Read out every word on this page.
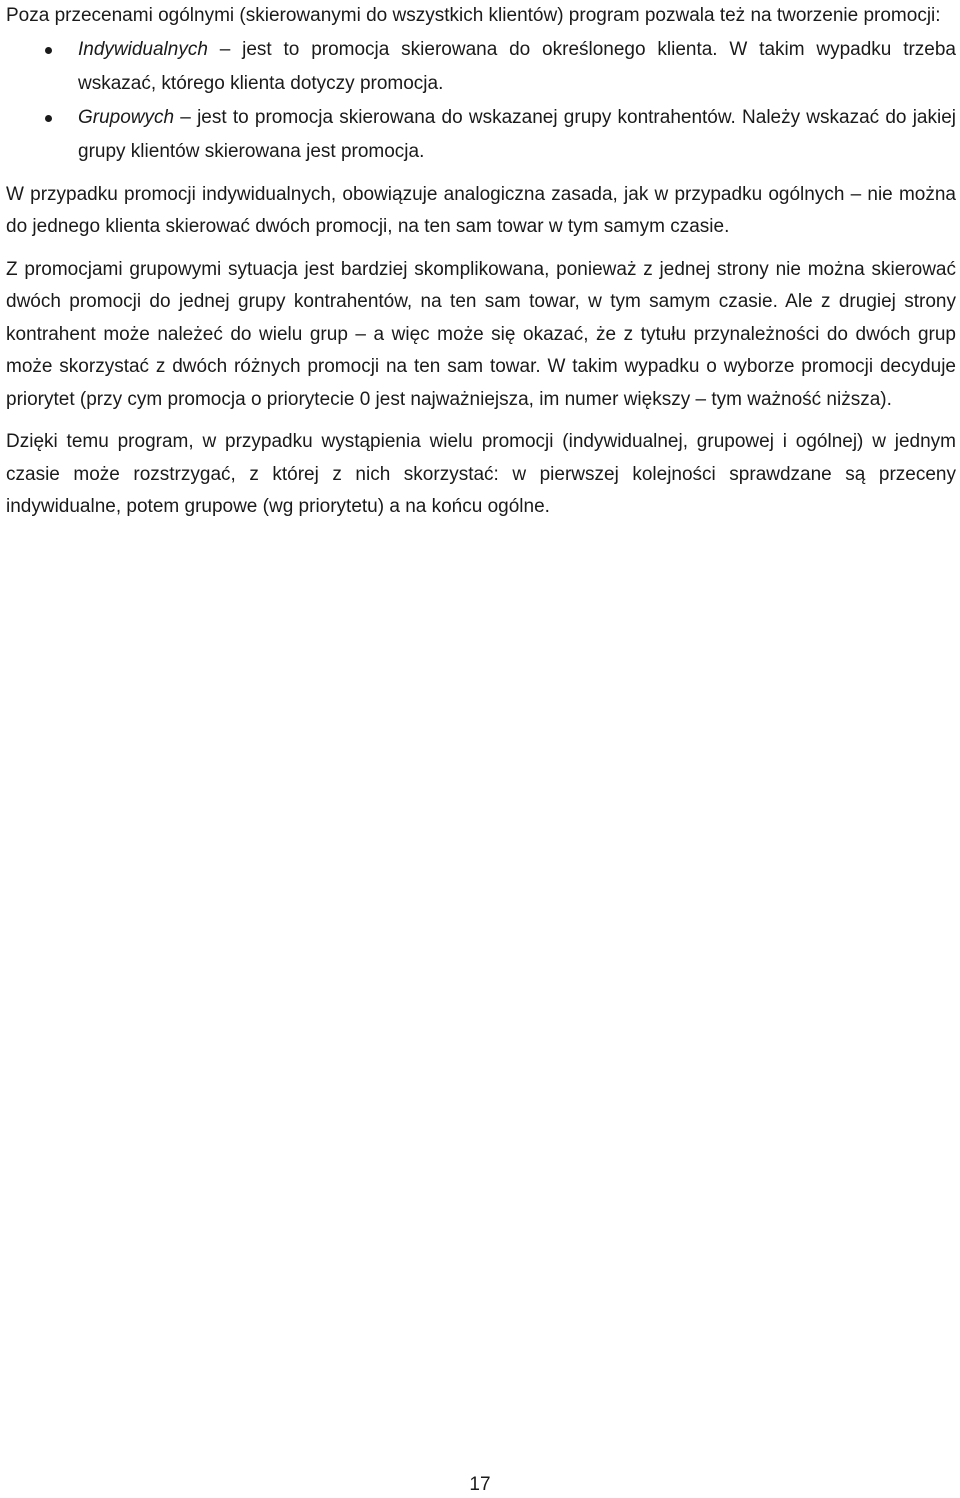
Poza przecenami ogólnymi (skierowanymi do wszystkich klientów) program pozwala też na tworzenie promocji:

Indywidualnych – jest to promocja skierowana do określonego klienta. W takim wypadku trzeba wskazać, którego klienta dotyczy promocja.
Grupowych – jest to promocja skierowana do wskazanej grupy kontrahentów. Należy wskazać do jakiej grupy klientów skierowana jest promocja.

W przypadku promocji indywidualnych, obowiązuje analogiczna zasada, jak w przypadku ogólnych – nie można do jednego klienta skierować dwóch promocji, na ten sam towar w tym samym czasie.

Z promocjami grupowymi sytuacja jest bardziej skomplikowana, ponieważ z jednej strony nie można skierować dwóch promocji do jednej grupy kontrahentów, na ten sam towar, w tym samym czasie. Ale z drugiej strony kontrahent może należeć do wielu grup – a więc może się okazać, że z tytułu przynależności do dwóch grup może skorzystać z dwóch różnych promocji na ten sam towar. W takim wypadku o wyborze promocji decyduje priorytet (przy cym promocja o priorytecie 0 jest najważniejsza, im numer większy – tym ważność niższa).

Dzięki temu program, w przypadku wystąpienia wielu promocji (indywidualnej, grupowej i ogólnej) w jednym czasie może rozstrzygać, z której z nich skorzystać: w pierwszej kolejności sprawdzane są przeceny indywidualne, potem grupowe (wg priorytetu) a na końcu ogólne.

17
